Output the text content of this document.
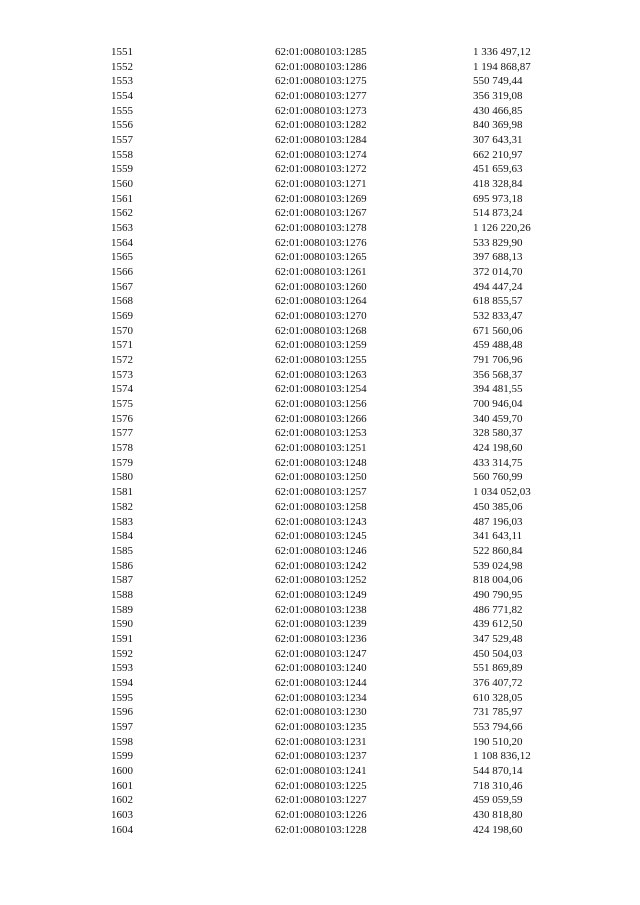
1551	62:01:0080103:1285	1 336 497,12
1552	62:01:0080103:1286	1 194 868,87
1553	62:01:0080103:1275	550 749,44
1554	62:01:0080103:1277	356 319,08
1555	62:01:0080103:1273	430 466,85
1556	62:01:0080103:1282	840 369,98
1557	62:01:0080103:1284	307 643,31
1558	62:01:0080103:1274	662 210,97
1559	62:01:0080103:1272	451 659,63
1560	62:01:0080103:1271	418 328,84
1561	62:01:0080103:1269	695 973,18
1562	62:01:0080103:1267	514 873,24
1563	62:01:0080103:1278	1 126 220,26
1564	62:01:0080103:1276	533 829,90
1565	62:01:0080103:1265	397 688,13
1566	62:01:0080103:1261	372 014,70
1567	62:01:0080103:1260	494 447,24
1568	62:01:0080103:1264	618 855,57
1569	62:01:0080103:1270	532 833,47
1570	62:01:0080103:1268	671 560,06
1571	62:01:0080103:1259	459 488,48
1572	62:01:0080103:1255	791 706,96
1573	62:01:0080103:1263	356 568,37
1574	62:01:0080103:1254	394 481,55
1575	62:01:0080103:1256	700 946,04
1576	62:01:0080103:1266	340 459,70
1577	62:01:0080103:1253	328 580,37
1578	62:01:0080103:1251	424 198,60
1579	62:01:0080103:1248	433 314,75
1580	62:01:0080103:1250	560 760,99
1581	62:01:0080103:1257	1 034 052,03
1582	62:01:0080103:1258	450 385,06
1583	62:01:0080103:1243	487 196,03
1584	62:01:0080103:1245	341 643,11
1585	62:01:0080103:1246	522 860,84
1586	62:01:0080103:1242	539 024,98
1587	62:01:0080103:1252	818 004,06
1588	62:01:0080103:1249	490 790,95
1589	62:01:0080103:1238	486 771,82
1590	62:01:0080103:1239	439 612,50
1591	62:01:0080103:1236	347 529,48
1592	62:01:0080103:1247	450 504,03
1593	62:01:0080103:1240	551 869,89
1594	62:01:0080103:1244	376 407,72
1595	62:01:0080103:1234	610 328,05
1596	62:01:0080103:1230	731 785,97
1597	62:01:0080103:1235	553 794,66
1598	62:01:0080103:1231	190 510,20
1599	62:01:0080103:1237	1 108 836,12
1600	62:01:0080103:1241	544 870,14
1601	62:01:0080103:1225	718 310,46
1602	62:01:0080103:1227	459 059,59
1603	62:01:0080103:1226	430 818,80
1604	62:01:0080103:1228	424 198,60
